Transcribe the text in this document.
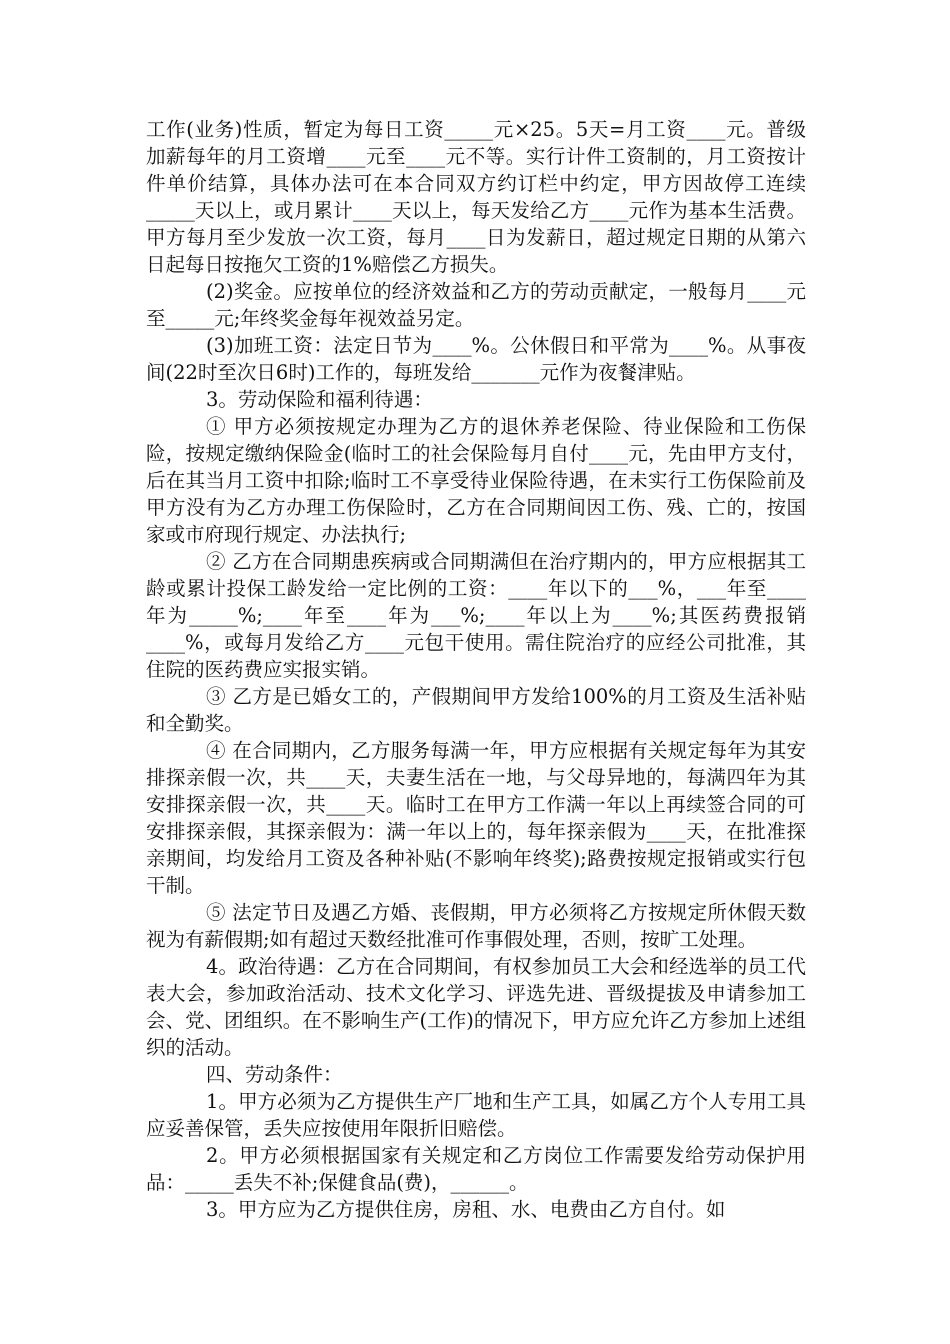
工作(业务)性质，暂定为每日工资_____元×25。5天=月工资____元。普级加薪每年的月工资增____元至____元不等。实行计件工资制的，月工资按计件单价结算，具体办法可在本合同双方约订栏中约定，甲方因故停工连续_____天以上，或月累计____天以上，每天发给乙方____元作为基本生活费。甲方每月至少发放一次工资，每月____日为发薪日，超过规定日期的从第六日起每日按拖欠工资的1%赔偿乙方损失。

(2)奖金。应按单位的经济效益和乙方的劳动贡献定，一般每月____元至_____元;年终奖金每年视效益另定。

(3)加班工资：法定日节为____%。公休假日和平常为____%。从事夜间(22时至次日6时)工作的，每班发给_______元作为夜餐津贴。

3。劳动保险和福利待遇：

① 甲方必须按规定办理为乙方的退休养老保险、待业保险和工伤保险，按规定缴纳保险金(临时工的社会保险每月自付____元，先由甲方支付，后在其当月工资中扣除;临时工不享受待业保险待遇，在未实行工伤保险前及甲方没有为乙方办理工伤保险时，乙方在合同期间因工伤、残、亡的，按国家或市府现行规定、办法执行;

② 乙方在合同期患疾病或合同期满但在治疗期内的，甲方应根据其工龄或累计投保工龄发给一定比例的工资：____年以下的___%，___年至____年为_____%;____年至____年为___%;____年以上为____%;其医药费报销____%，或每月发给乙方____元包干使用。需住院治疗的应经公司批准，其住院的医药费应实报实销。

③ 乙方是已婚女工的，产假期间甲方发给100%的月工资及生活补贴和全勤奖。

④ 在合同期内，乙方服务每满一年，甲方应根据有关规定每年为其安排探亲假一次，共____天，夫妻生活在一地，与父母异地的，每满四年为其安排探亲假一次，共____天。临时工在甲方工作满一年以上再续签合同的可安排探亲假，其探亲假为：满一年以上的，每年探亲假为____天，在批准探亲期间，均发给月工资及各种补贴(不影响年终奖);路费按规定报销或实行包干制。

⑤ 法定节日及遇乙方婚、丧假期，甲方必须将乙方按规定所休假天数视为有薪假期;如有超过天数经批准可作事假处理，否则，按旷工处理。

4。政治待遇：乙方在合同期间，有权参加员工大会和经选举的员工代表大会，参加政治活动、技术文化学习、评选先进、晋级提拔及申请参加工会、党、团组织。在不影响生产(工作)的情况下，甲方应允许乙方参加上述组织的活动。

四、劳动条件：

1。甲方必须为乙方提供生产厂地和生产工具，如属乙方个人专用工具应妥善保管，丢失应按使用年限折旧赔偿。

2。甲方必须根据国家有关规定和乙方岗位工作需要发给劳动保护用品：_____丢失不补;保健食品(费)，______。

3。甲方应为乙方提供住房，房租、水、电费由乙方自付。如
